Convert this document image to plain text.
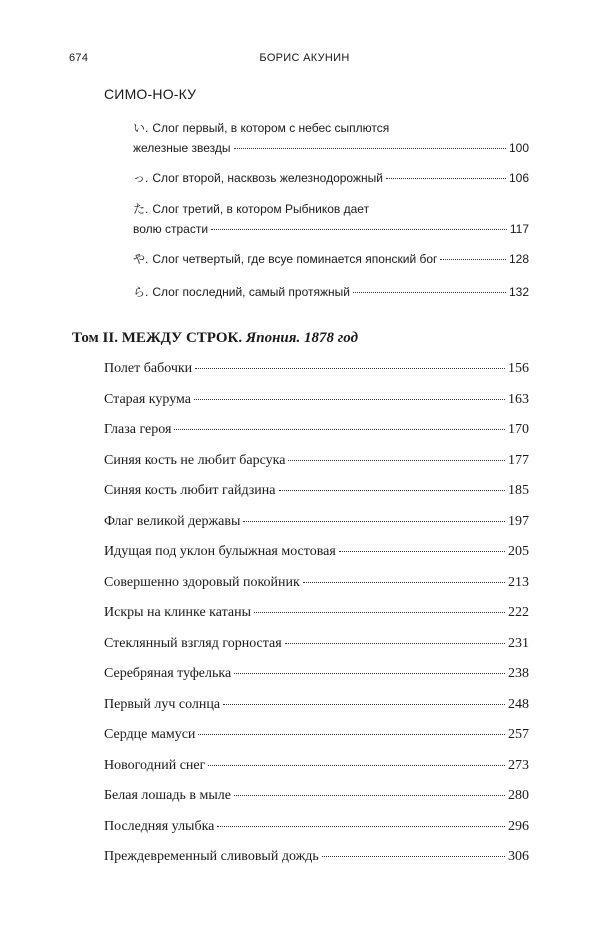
674	БОРИС АКУНИН
СИМО-НО-КУ
い. Слог первый, в котором с небес сыплются
железные звезды	100
っ. Слог второй, насквозь железнодорожный	106
た. Слог третий, в котором Рыбников дает
волю страсти	117
や. Слог четвертый, где всуе поминается японский бог	128
ら. Слог последний, самый протяжный	132
Том II. МЕЖДУ СТРОК. Япония. 1878 год
Полет бабочки	156
Старая курума	163
Глаза героя	170
Синяя кость не любит барсука	177
Синяя кость любит гайдзина	185
Флаг великой державы	197
Идущая под уклон булыжная мостовая	205
Совершенно здоровый покойник	213
Искры на клинке катаны	222
Стеклянный взгляд горностая	231
Серебряная туфелька	238
Первый луч солнца	248
Сердце мамуси	257
Новогодний снег	273
Белая лошадь в мыле	280
Последняя улыбка	296
Преждевременный сливовый дождь	306
